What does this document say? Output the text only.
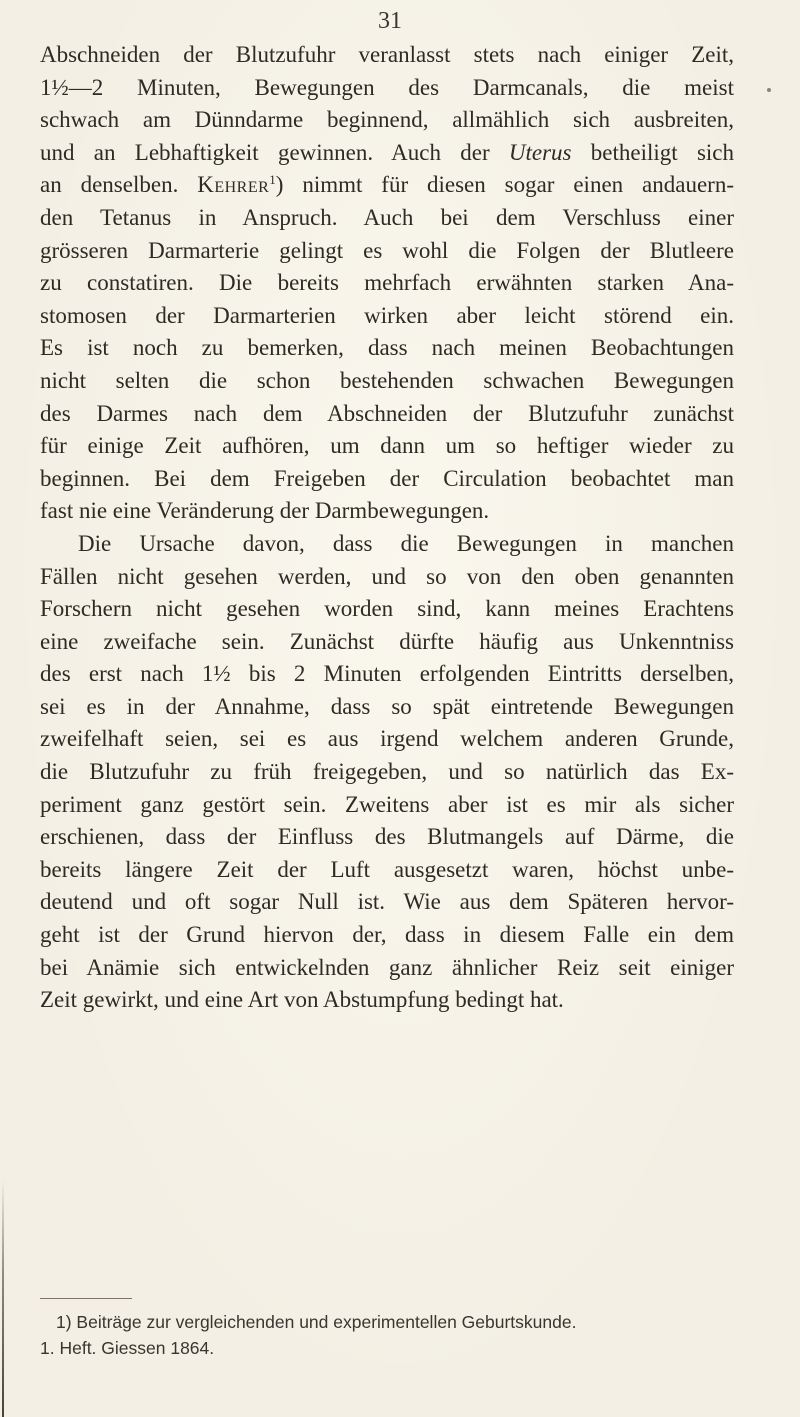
31
Abschneiden der Blutzufuhr veranlasst stets nach einiger Zeit,
1½—2 Minuten, Bewegungen des Darmcanals, die meist
schwach am Dünndarme beginnend, allmählich sich ausbreiten,
und an Lebhaftigkeit gewinnen. Auch der Uterus betheiligt sich
an denselben. Kehrer$^1$) nimmt für diesen sogar einen andauern-
den Tetanus in Anspruch. Auch bei dem Verschluss einer
grösseren Darmarterie gelingt es wohl die Folgen der Blutleere
zu constatiren. Die bereits mehrfach erwähnten starken Ana-
stomosen der Darmarterien wirken aber leicht störend ein.
Es ist noch zu bemerken, dass nach meinen Beobachtungen
nicht selten die schon bestehenden schwachen Bewegungen
des Darmes nach dem Abschneiden der Blutzufuhr zunächst
für einige Zeit aufhören, um dann um so heftiger wieder zu
beginnen. Bei dem Freigeben der Circulation beobachtet man
fast nie eine Veränderung der Darmbewegungen.
Die Ursache davon, dass die Bewegungen in manchen
Fällen nicht gesehen werden, und so von den oben genannten
Forschern nicht gesehen worden sind, kann meines Erachtens
eine zweifache sein. Zunächst dürfte häufig aus Unkenntniss
des erst nach 1½ bis 2 Minuten erfolgenden Eintritts derselben,
sei es in der Annahme, dass so spät eintretende Bewegungen
zweifelhaft seien, sei es aus irgend welchem anderen Grunde,
die Blutzufuhr zu früh freigegeben, und so natürlich das Ex-
periment ganz gestört sein. Zweitens aber ist es mir als sicher
erschienen, dass der Einfluss des Blutmangels auf Därme, die
bereits längere Zeit der Luft ausgesetzt waren, höchst unbe-
deutend und oft sogar Null ist. Wie aus dem Späteren hervor-
geht ist der Grund hiervon der, dass in diesem Falle ein dem
bei Anämie sich entwickelnden ganz ähnlicher Reiz seit einiger
Zeit gewirkt, und eine Art von Abstumpfung bedingt hat.
1) Beiträge zur vergleichenden und experimentellen Geburtskunde.
1. Heft. Giessen 1864.
